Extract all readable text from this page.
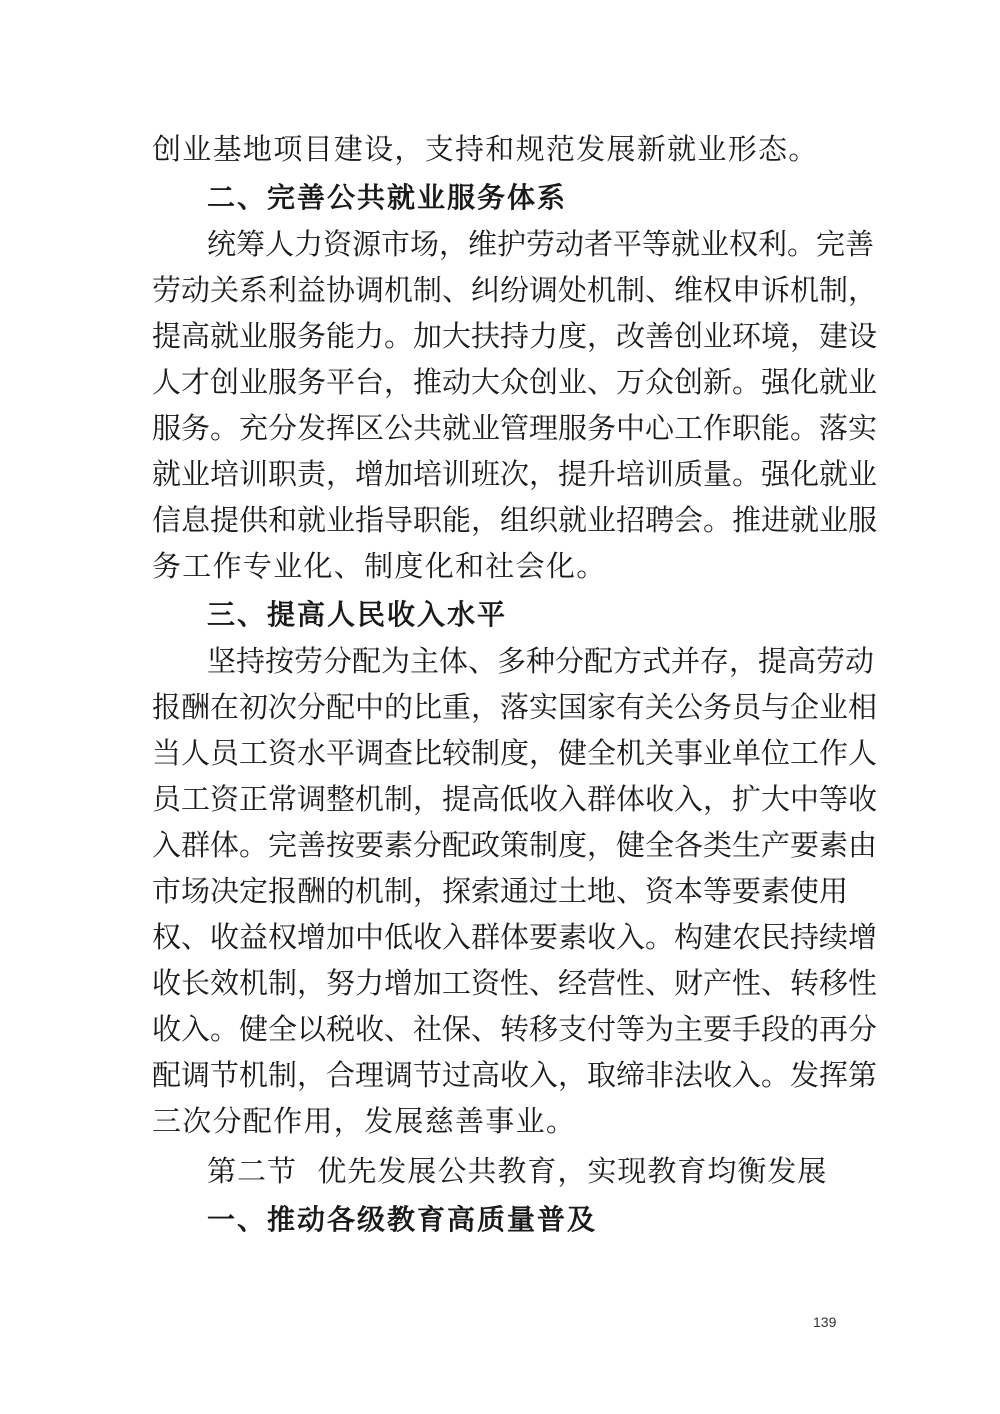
创业基地项目建设，支持和规范发展新就业形态。
二、完善公共就业服务体系
统筹人力资源市场，维护劳动者平等就业权利。完善
劳动关系利益协调机制、纠纷调处机制、维权申诉机制，
提高就业服务能力。加大扶持力度，改善创业环境，建设
人才创业服务平台，推动大众创业、万众创新。强化就业
服务。充分发挥区公共就业管理服务中心工作职能。落实
就业培训职责，增加培训班次，提升培训质量。强化就业
信息提供和就业指导职能，组织就业招聘会。推进就业服
务工作专业化、制度化和社会化。
三、提高人民收入水平
坚持按劳分配为主体、多种分配方式并存，提高劳动
报酬在初次分配中的比重，落实国家有关公务员与企业相
当人员工资水平调查比较制度，健全机关事业单位工作人
员工资正常调整机制，提高低收入群体收入，扩大中等收
入群体。完善按要素分配政策制度，健全各类生产要素由
市场决定报酬的机制，探索通过土地、资本等要素使用
权、收益权增加中低收入群体要素收入。构建农民持续增
收长效机制，努力增加工资性、经营性、财产性、转移性
收入。健全以税收、社保、转移支付等为主要手段的再分
配调节机制，合理调节过高收入，取缔非法收入。发挥第
三次分配作用，发展慈善事业。
第二节  优先发展公共教育，实现教育均衡发展
一、推动各级教育高质量普及
139
